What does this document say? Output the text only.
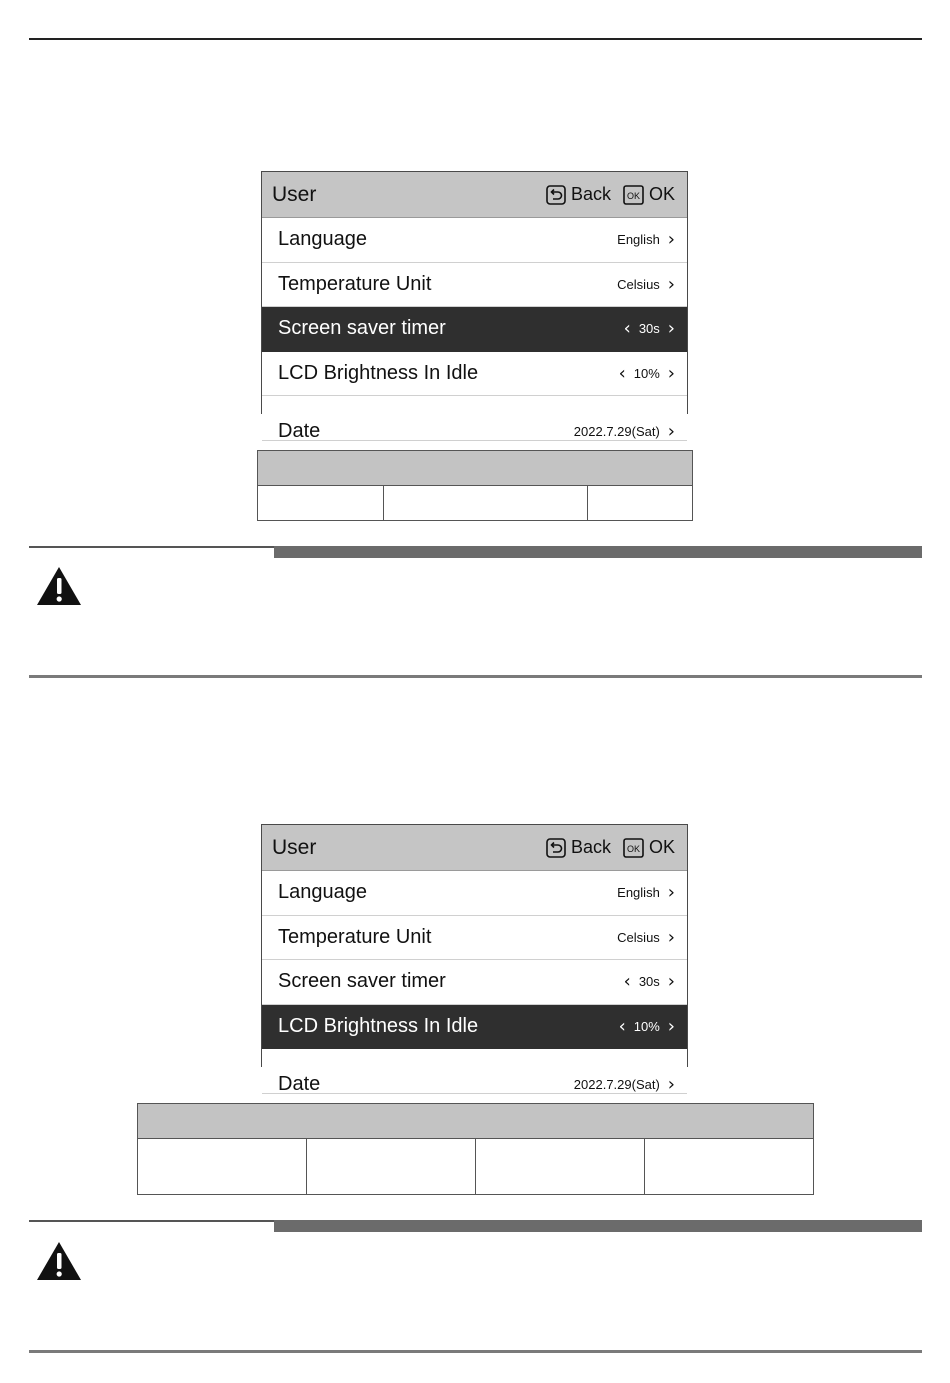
User	Back OK OK
Language	English ›
Temperature Unit	Celsius ›
Screen saver timer	‹ 30s ›
LCD Brightness In Idle	‹ 10% ›
Date	2022.7.29(Sat) ›

User	Back OK OK
Language	English ›
Temperature Unit	Celsius ›
Screen saver timer	‹ 30s ›
LCD Brightness In Idle	‹ 10% ›
Date	2022.7.29(Sat) ›
